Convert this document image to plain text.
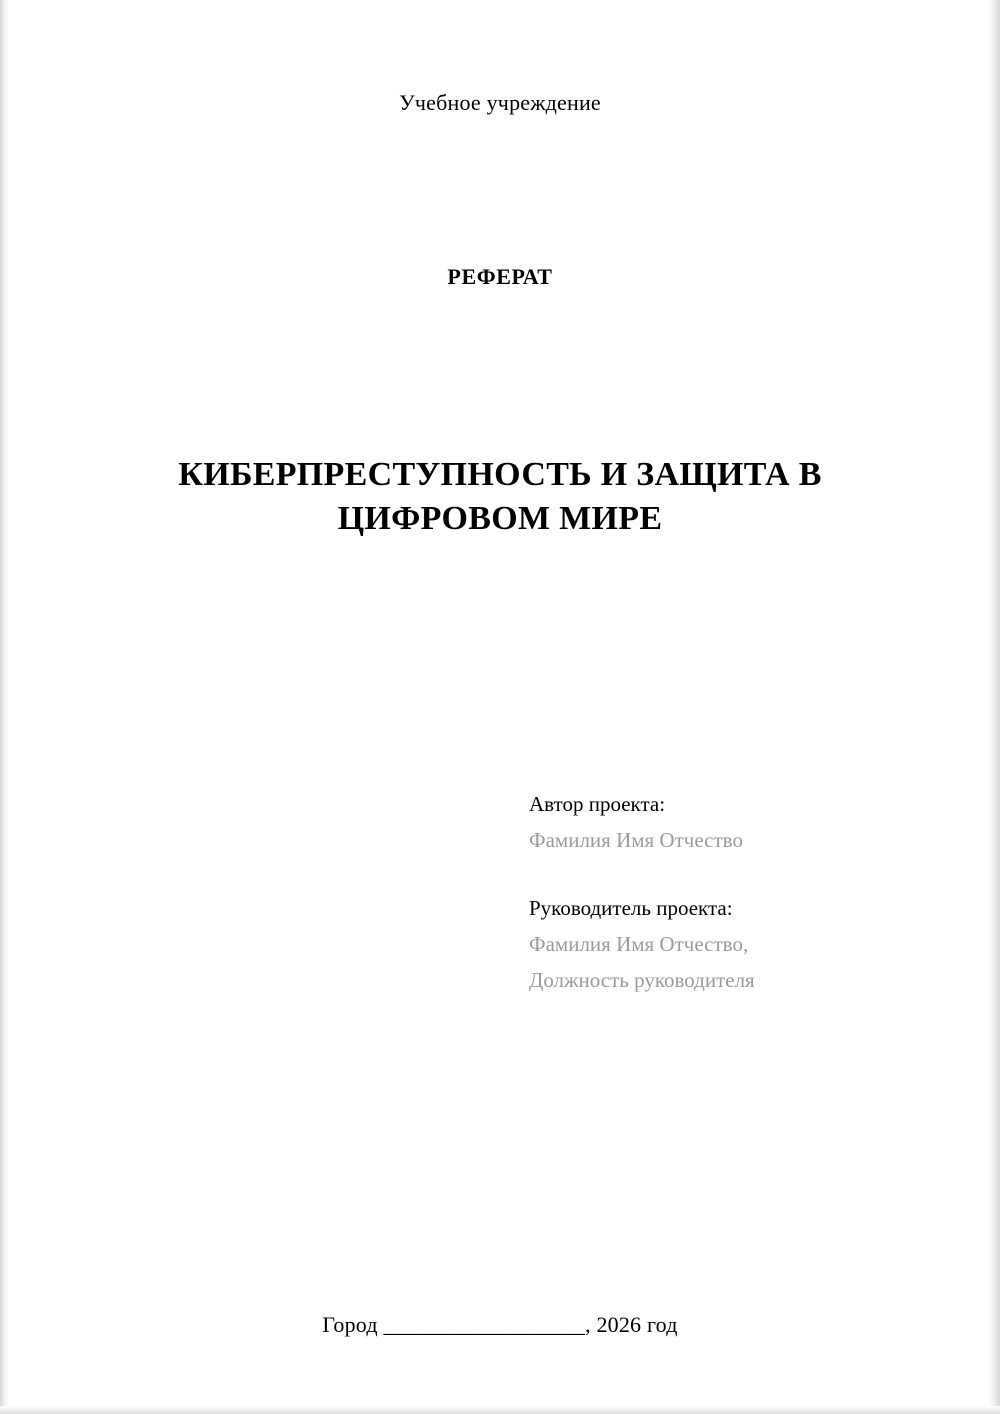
Учебное учреждение
РЕФЕРАТ
КИБЕРПРЕСТУПНОСТЬ И ЗАЩИТА В ЦИФРОВОМ МИРЕ

Автор проекта:

Фамилия Имя Отчество

Руководитель проекта:

Фамилия Имя Отчество,

Должность руководителя

Город __________________, 2026 год
